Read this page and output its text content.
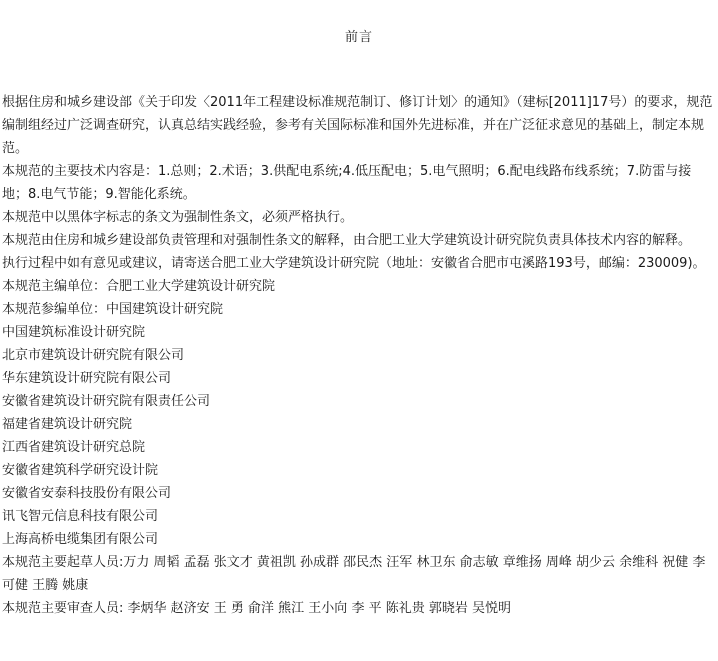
前言

根据住房和城乡建设部《关于印发〈2011年工程建设标准规范制订、修订计划〉的通知》（建标[2011]17号）的要求，规范编制组经过广泛调查研究，认真总结实践经验，参考有关国际标准和国外先进标准，并在广泛征求意见的基础上，制定本规范。

本规范的主要技术内容是：1.总则；2.术语；3.供配电系统;4.低压配电；5.电气照明；6.配电线路布线系统；7.防雷与接地；8.电气节能；9.智能化系统。

本规范中以黑体字标志的条文为强制性条文，必须严格执行。

本规范由住房和城乡建设部负责管理和对强制性条文的解释，由合肥工业大学建筑设计研究院负责具体技术内容的解释。

执行过程中如有意见或建议，请寄送合肥工业大学建筑设计研究院（地址：安徽省合肥市屯溪路193号，邮编：230009)。

本规范主编单位：合肥工业大学建筑设计研究院

本规范参编单位：中国建筑设计研究院

中国建筑标准设计研究院

北京市建筑设计研究院有限公司

华东建筑设计研究院有限公司

安徽省建筑设计研究院有限责任公司

福建省建筑设计研究院

江西省建筑设计研究总院

安徽省建筑科学研究设计院

安徽省安泰科技股份有限公司

讯飞智元信息科技有限公司

上海高桥电缆集团有限公司

本规范主要起草人员:万力 周韬 孟磊 张文才 黄祖凯 孙成群 邵民杰 汪军 林卫东 俞志敏 章维扬 周峰 胡少云 余维科 祝健 李可健 王腾 姚康

本规范主要审查人员: 李炳华 赵济安 王 勇 俞洋 熊江 王小向 李 平 陈礼贵 郭晓岩 吴悦明
